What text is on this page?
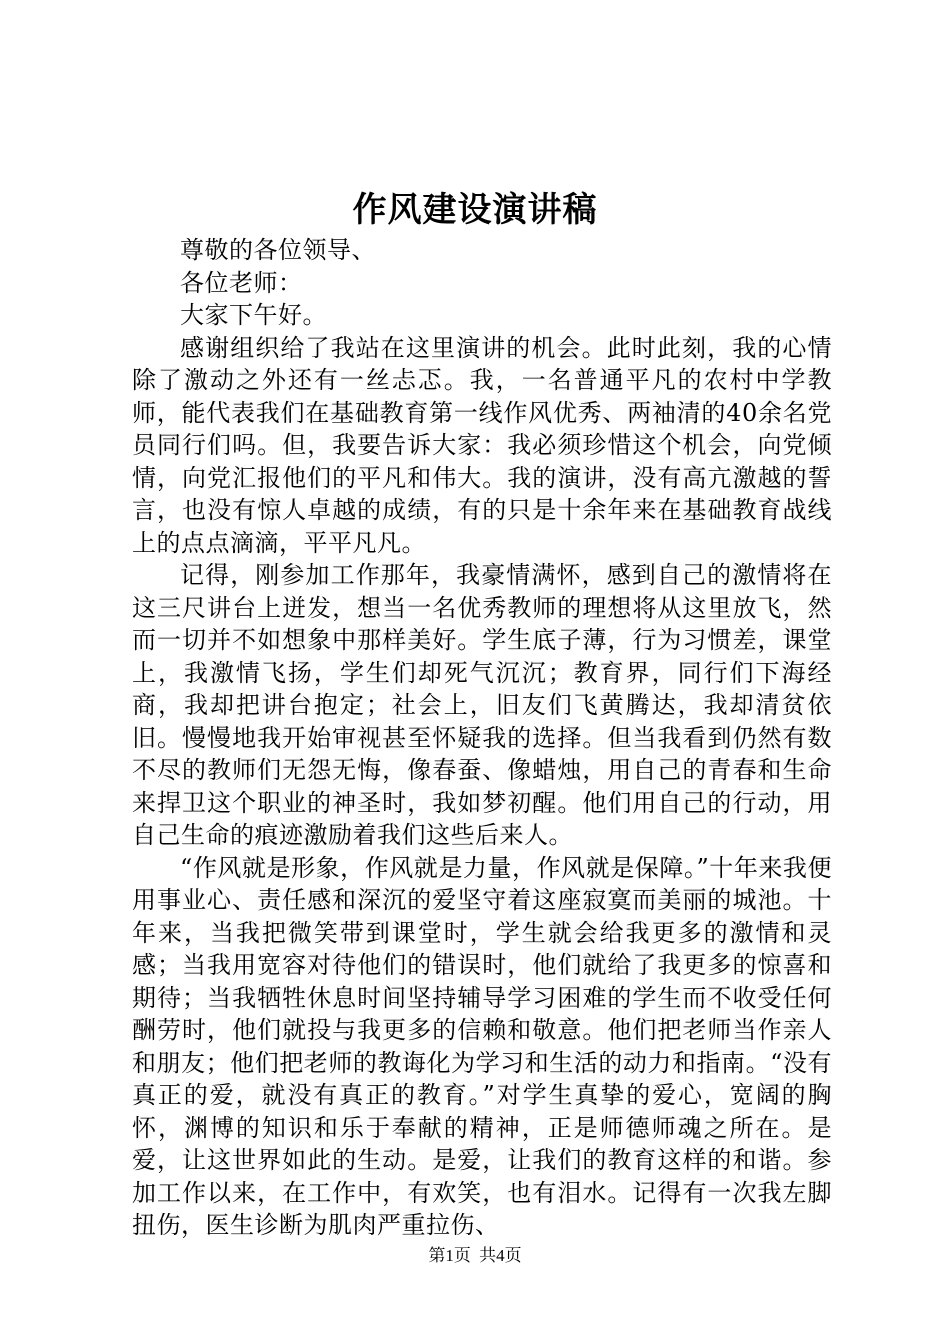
作风建设演讲稿

尊敬的各位领导、

各位老师：

大家下午好。

感谢组织给了我站在这里演讲的机会。此时此刻，我的心情除了激动之外还有一丝忐忑。我，一名普通平凡的农村中学教师，能代表我们在基础教育第一线作风优秀、两袖清的40余名党员同行们吗。但，我要告诉大家：我必须珍惜这个机会，向党倾情，向党汇报他们的平凡和伟大。我的演讲，没有高亢激越的誓言，也没有惊人卓越的成绩，有的只是十余年来在基础教育战线上的点点滴滴，平平凡凡。

记得，刚参加工作那年，我豪情满怀，感到自己的激情将在这三尺讲台上迸发，想当一名优秀教师的理想将从这里放飞，然而一切并不如想象中那样美好。学生底子薄，行为习惯差，课堂上，我激情飞扬，学生们却死气沉沉；教育界，同行们下海经商，我却把讲台抱定；社会上，旧友们飞黄腾达，我却清贫依旧。慢慢地我开始审视甚至怀疑我的选择。但当我看到仍然有数不尽的教师们无怨无悔，像春蚕、像蜡烛，用自己的青春和生命来捍卫这个职业的神圣时，我如梦初醒。他们用自己的行动，用自己生命的痕迹激励着我们这些后来人。

“作风就是形象，作风就是力量，作风就是保障。”十年来我便用事业心、责任感和深沉的爱坚守着这座寂寞而美丽的城池。十年来，当我把微笑带到课堂时，学生就会给我更多的激情和灵感；当我用宽容对待他们的错误时，他们就给了我更多的惊喜和期待；当我牺牲休息时间坚持辅导学习困难的学生而不收受任何酬劳时，他们就投与我更多的信赖和敬意。他们把老师当作亲人和朋友；他们把老师的教诲化为学习和生活的动力和指南。“没有真正的爱，就没有真正的教育。”对学生真挚的爱心，宽阔的胸怀，渊博的知识和乐于奉献的精神，正是师德师魂之所在。是爱，让这世界如此的生动。是爱，让我们的教育这样的和谐。参加工作以来，在工作中，有欢笑，也有泪水。记得有一次我左脚扭伤，医生诊断为肌肉严重拉伤、

第1页 共4页
